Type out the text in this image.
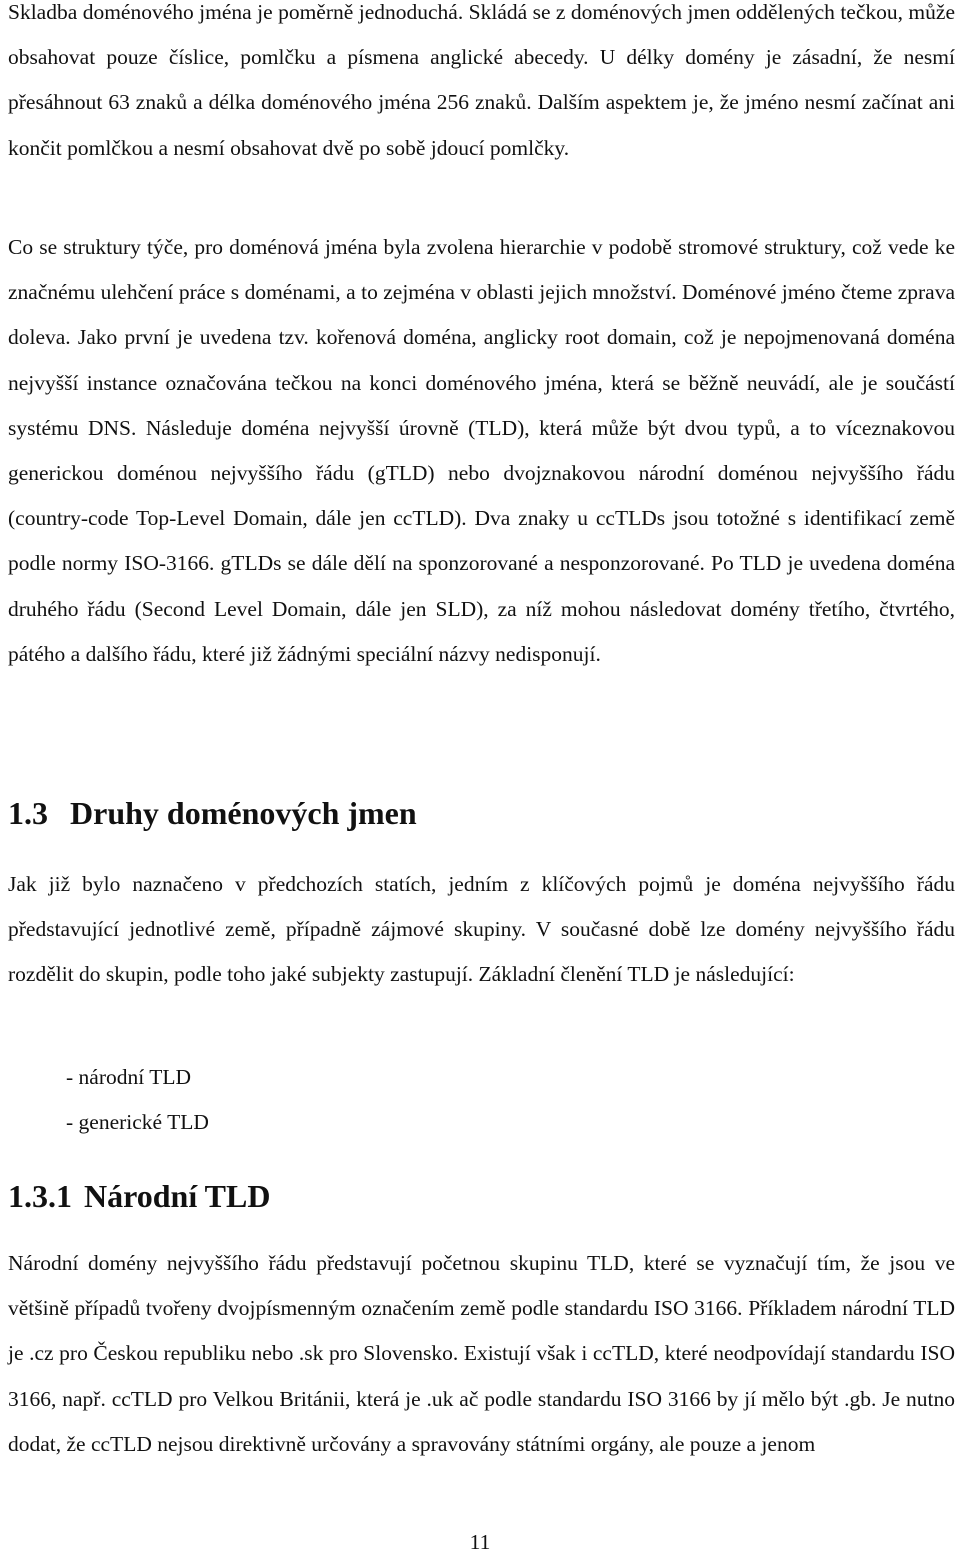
Skladba doménového jména je poměrně jednoduchá. Skládá se z doménových jmen oddělených tečkou, může obsahovat pouze číslice, pomlčku a písmena anglické abecedy. U délky domény je zásadní, že nesmí přesáhnout 63 znaků a délka doménového jména 256 znaků. Dalším aspektem je, že jméno nesmí začínat ani končit pomlčkou a nesmí obsahovat dvě po sobě jdoucí pomlčky.

Co se struktury týče, pro doménová jména byla zvolena hierarchie v podobě stromové struktury, což vede ke značnému ulehčení práce s doménami, a to zejména v oblasti jejich množství. Doménové jméno čteme zprava doleva. Jako první je uvedena tzv. kořenová doména, anglicky root domain, což je nepojmenovaná doména nejvyšší instance označována tečkou na konci doménového jména, která se běžně neuvádí, ale je součástí systému DNS. Následuje doména nejvyšší úrovně (TLD), která může být dvou typů, a to víceznakovou generickou doménou nejvyššího řádu (gTLD) nebo dvojznakovou národní doménou nejvyššího řádu (country-code Top-Level Domain, dále jen ccTLD). Dva znaky u ccTLDs jsou totožné s identifikací země podle normy ISO-3166. gTLDs se dále dělí na sponzorované a nesponzorované. Po TLD je uvedena doména druhého řádu (Second Level Domain, dále jen SLD), za níž mohou následovat domény třetího, čtvrtého, pátého a dalšího řádu, které již žádnými speciální názvy nedisponují.

1.3 Druhy doménových jmen

Jak již bylo naznačeno v předchozích statích, jedním z klíčových pojmů je doména nejvyššího řádu představující jednotlivé země, případně zájmové skupiny. V současné době lze domény nejvyššího řádu rozdělit do skupin, podle toho jaké subjekty zastupují. Základní členění TLD je následující:

- národní TLD
- generické TLD
1.3.1 Národní TLD

Národní domény nejvyššího řádu představují početnou skupinu TLD, které se vyznačují tím, že jsou ve většině případů tvořeny dvojpísmenným označením země podle standardu ISO 3166. Příkladem národní TLD je .cz pro Českou republiku nebo .sk pro Slovensko. Existují však i ccTLD, které neodpovídají standardu ISO 3166, např. ccTLD pro Velkou Británii, která je .uk ač podle standardu ISO 3166 by jí mělo být .gb. Je nutno dodat, že ccTLD nejsou direktivně určovány a spravovány státními orgány, ale pouze a jenom

11
